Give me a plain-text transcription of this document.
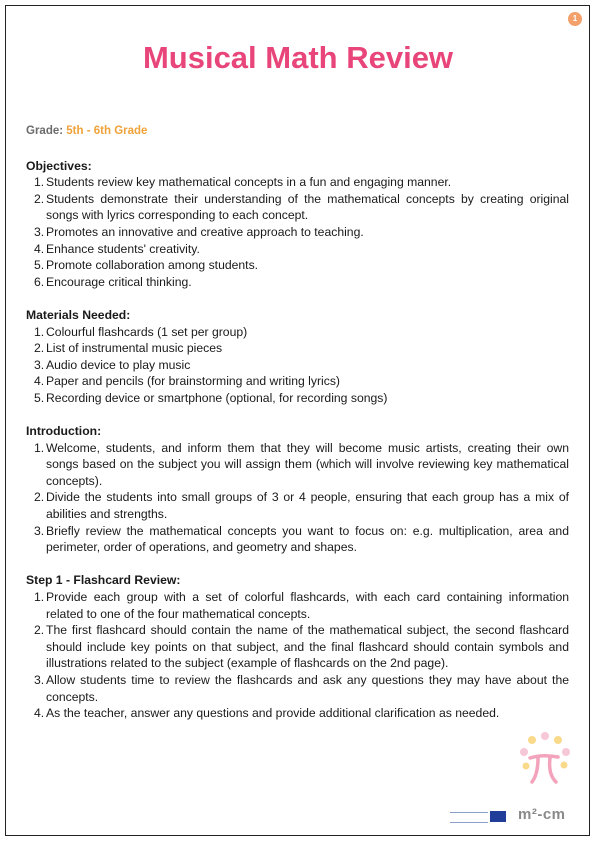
1
Musical Math Review

Grade: 5th - 6th Grade

Objectives:

Students review key mathematical concepts in a fun and engaging manner.
Students demonstrate their understanding of the mathematical concepts by creating original songs with lyrics corresponding to each concept.
Promotes an innovative and creative approach to teaching.
Enhance students' creativity.
Promote collaboration among students.
Encourage critical thinking.

Materials Needed:

Colourful flashcards (1 set per group)
List of instrumental music pieces
Audio device to play music
Paper and pencils (for brainstorming and writing lyrics)
Recording device or smartphone (optional, for recording songs)

Introduction:

Welcome, students, and inform them that they will become music artists, creating their own songs based on the subject you will assign them (which will involve reviewing key mathematical concepts).
Divide the students into small groups of 3 or 4 people, ensuring that each group has a mix of abilities and strengths.
Briefly review the mathematical concepts you want to focus on: e.g. multiplication, area and perimeter, order of operations, and geometry and shapes.

Step 1 - Flashcard Review:

Provide each group with a set of colorful flashcards, with each card containing information related to one of the four mathematical concepts.
The first flashcard should contain the name of the mathematical subject, the second flashcard should include key points on that subject, and the final flashcard should contain symbols and illustrations related to the subject (example of flashcards on the 2nd page).
Allow students time to review the flashcards and ask any questions they may have about the concepts.
As the teacher, answer any questions and provide additional clarification as needed.
m²-cm
